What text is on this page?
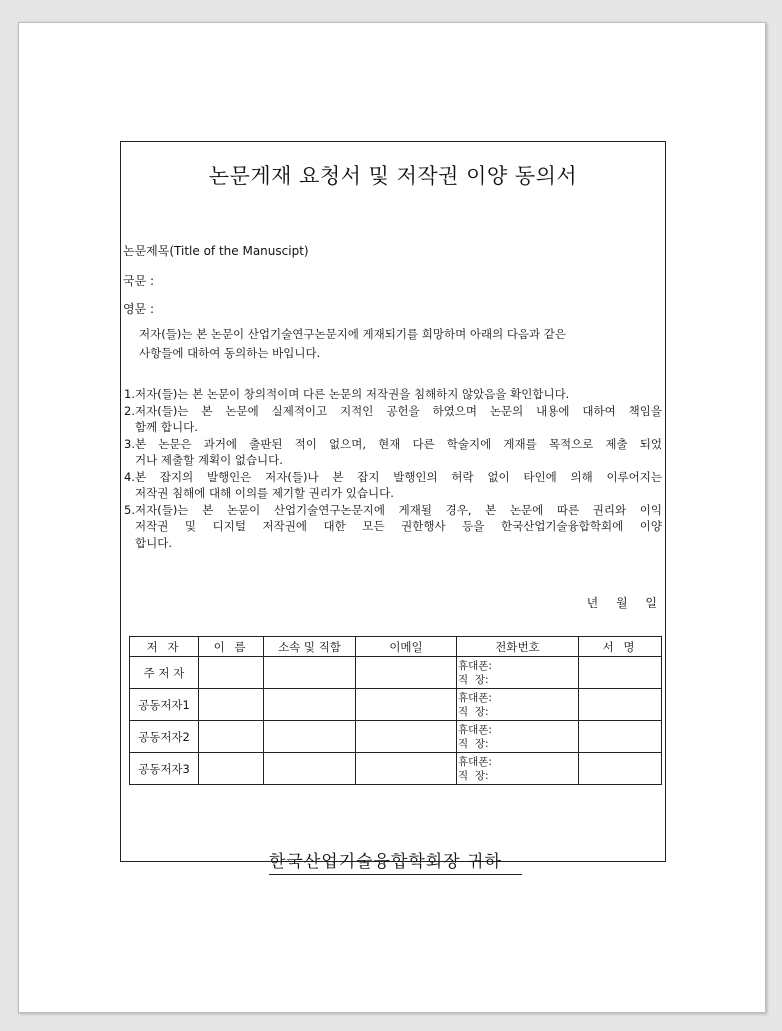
논문게재 요청서 및 저작권 이양 동의서
논문제목(Title of the Manuscipt)
국문 :
영문 :
저자(들)는 본 논문이 산업기술연구논문지에 게재되기를 희망하며 아래의 다음과 같은
사항들에 대하여 동의하는 바입니다.
1. 저자(들)는 본 논문이 창의적이며 다른 논문의 저작권을 침해하지 않았음을 확인합니다.
2. 저자(들)는 본 논문에 실제적이고 지적인 공헌을 하였으며 논문의 내용에 대하여 책임을
함께 합니다.
3. 본 논문은 과거에 출판된 적이 없으며, 현재 다른 학술지에 게재를 목적으로 제출 되었
거나 제출할 계획이 없습니다.
4. 본 잡지의 발행인은 저자(들)나 본 잡지 발행인의 허락 없이 타인에 의해 이루어지는
저작권 침해에 대해 이의를 제기할 권리가 있습니다.
5. 저자(들)는 본 논문이 산업기술연구논문지에 게재될 경우, 본 논문에 따른 권리와 이익
저작권 및 디지털 저작권에 대한 모든 권한행사 등을 한국산업기술융합학회에 이양
합니다.
년 월 일
저 자	이 름	소속 및 직함	이메일	전화번호	서 명
주 저 자				휴대폰:
직  장:	

공동저자1				휴대폰:
직  장:	

공동저자2				휴대폰:
직  장:	

공동저자3				휴대폰:
직  장:	

한국산업기술융합학회장 귀하
